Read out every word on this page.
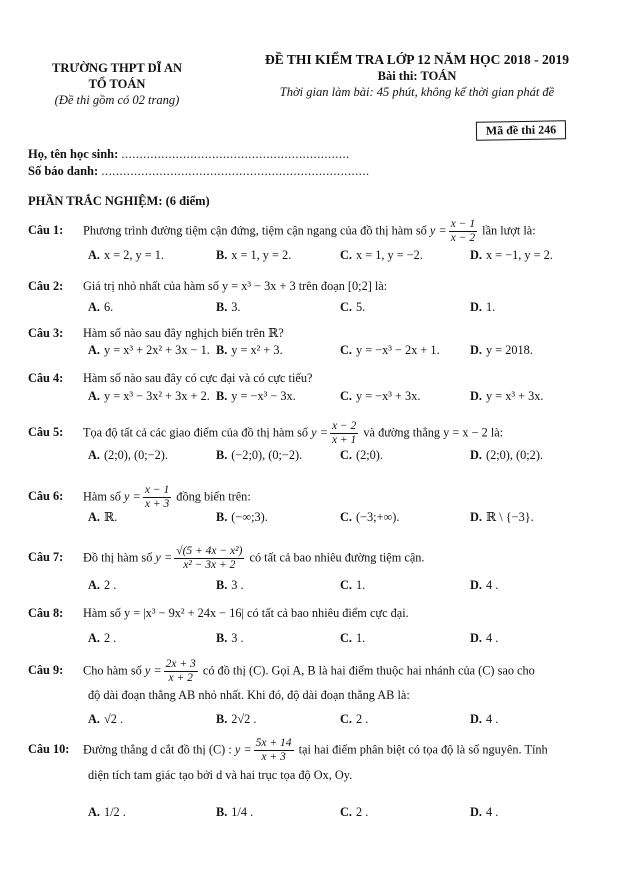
TRƯỜNG THPT DĨ AN
TỔ TOÁN
(Đề thi gồm có 02 trang)
ĐỀ THI KIỂM TRA LỚP 12 NĂM HỌC 2018 - 2019
Bài thi: TOÁN
Thời gian làm bài: 45 phút, không kể thời gian phát đề
Mã đề thi 246
Họ, tên học sinh: ...............................................................
Số báo danh: ..........................................................................
PHẦN TRẮC NGHIỆM: (6 điểm)
Câu 1: Phương trình đường tiệm cận đứng, tiệm cận ngang của đồ thị hàm số $y = \frac{x - 1}{x - 2}$ lần lượt là:
A. x = 2, y = 1.	B. x = 1, y = 2.	C. x = 1, y = −2.	D. x = −1, y = 2.
Câu 2: Giá trị nhỏ nhất của hàm số y = x³ − 3x + 3 trên đoạn [0;2] là:
A. 6.	B. 3.	C. 5.	D. 1.
Câu 3: Hàm số nào sau đây nghịch biến trên ℝ?
A. y = x³ + 2x² + 3x − 1. B. y = x² + 3.	C. y = −x³ − 2x + 1. D. y = 2018.
Câu 4: Hàm số nào sau đây có cực đại và có cực tiểu?
A. y = x³ − 3x² + 3x + 2. B. y = −x³ − 3x.	C. y = −x³ + 3x.	D. y = x³ + 3x.
Câu 5: Tọa độ tất cả các giao điểm của đồ thị hàm số $y = \frac{x - 2}{x + 1}$ và đường thẳng y = x − 2 là:
A. (2;0), (0;−2).	B. (−2;0), (0;−2).	C. (2;0).	D. (2;0), (0;2).
Câu 6: Hàm số $y = \frac{x - 1}{x + 3}$ đồng biến trên:
A. ℝ.	B. (−∞;3).	C. (−3;+∞).	D. ℝ \ {−3}.
Câu 7: Đồ thị hàm số $y = \frac{\text{√(5 + 4x − x²)}}{\text{x² − 3x + 2}}$ có tất cả bao nhiêu đường tiệm cận.
A. 2 .	B. 3 .	C. 1.	D. 4 .
Câu 8: Hàm số y = |x³ − 9x² + 24x − 16| có tất cả bao nhiêu điểm cực đại.
A. 2 .	B. 3 .	C. 1.	D. 4 .
Câu 9: Cho hàm số $y = \frac{2x + 3}{x + 2}$ có đồ thị (C). Gọi A, B là hai điểm thuộc hai nhánh của (C) sao cho
độ dài đoạn thẳng AB nhỏ nhất. Khi đó, độ dài đoạn thẳng AB là:
A. √2 .	B. 2√2 .	C. 2 .	D. 4 .
Câu 10: Đường thẳng d cắt đồ thị (C) : $y = \frac{5x + 14}{x + 3}$ tại hai điểm phân biệt có tọa độ là số nguyên. Tính
diện tích tam giác tạo bởi d và hai trục tọa độ Ox, Oy.
A. 1/2 .	B. 1/4 .	C. 2 .	D. 4 .
